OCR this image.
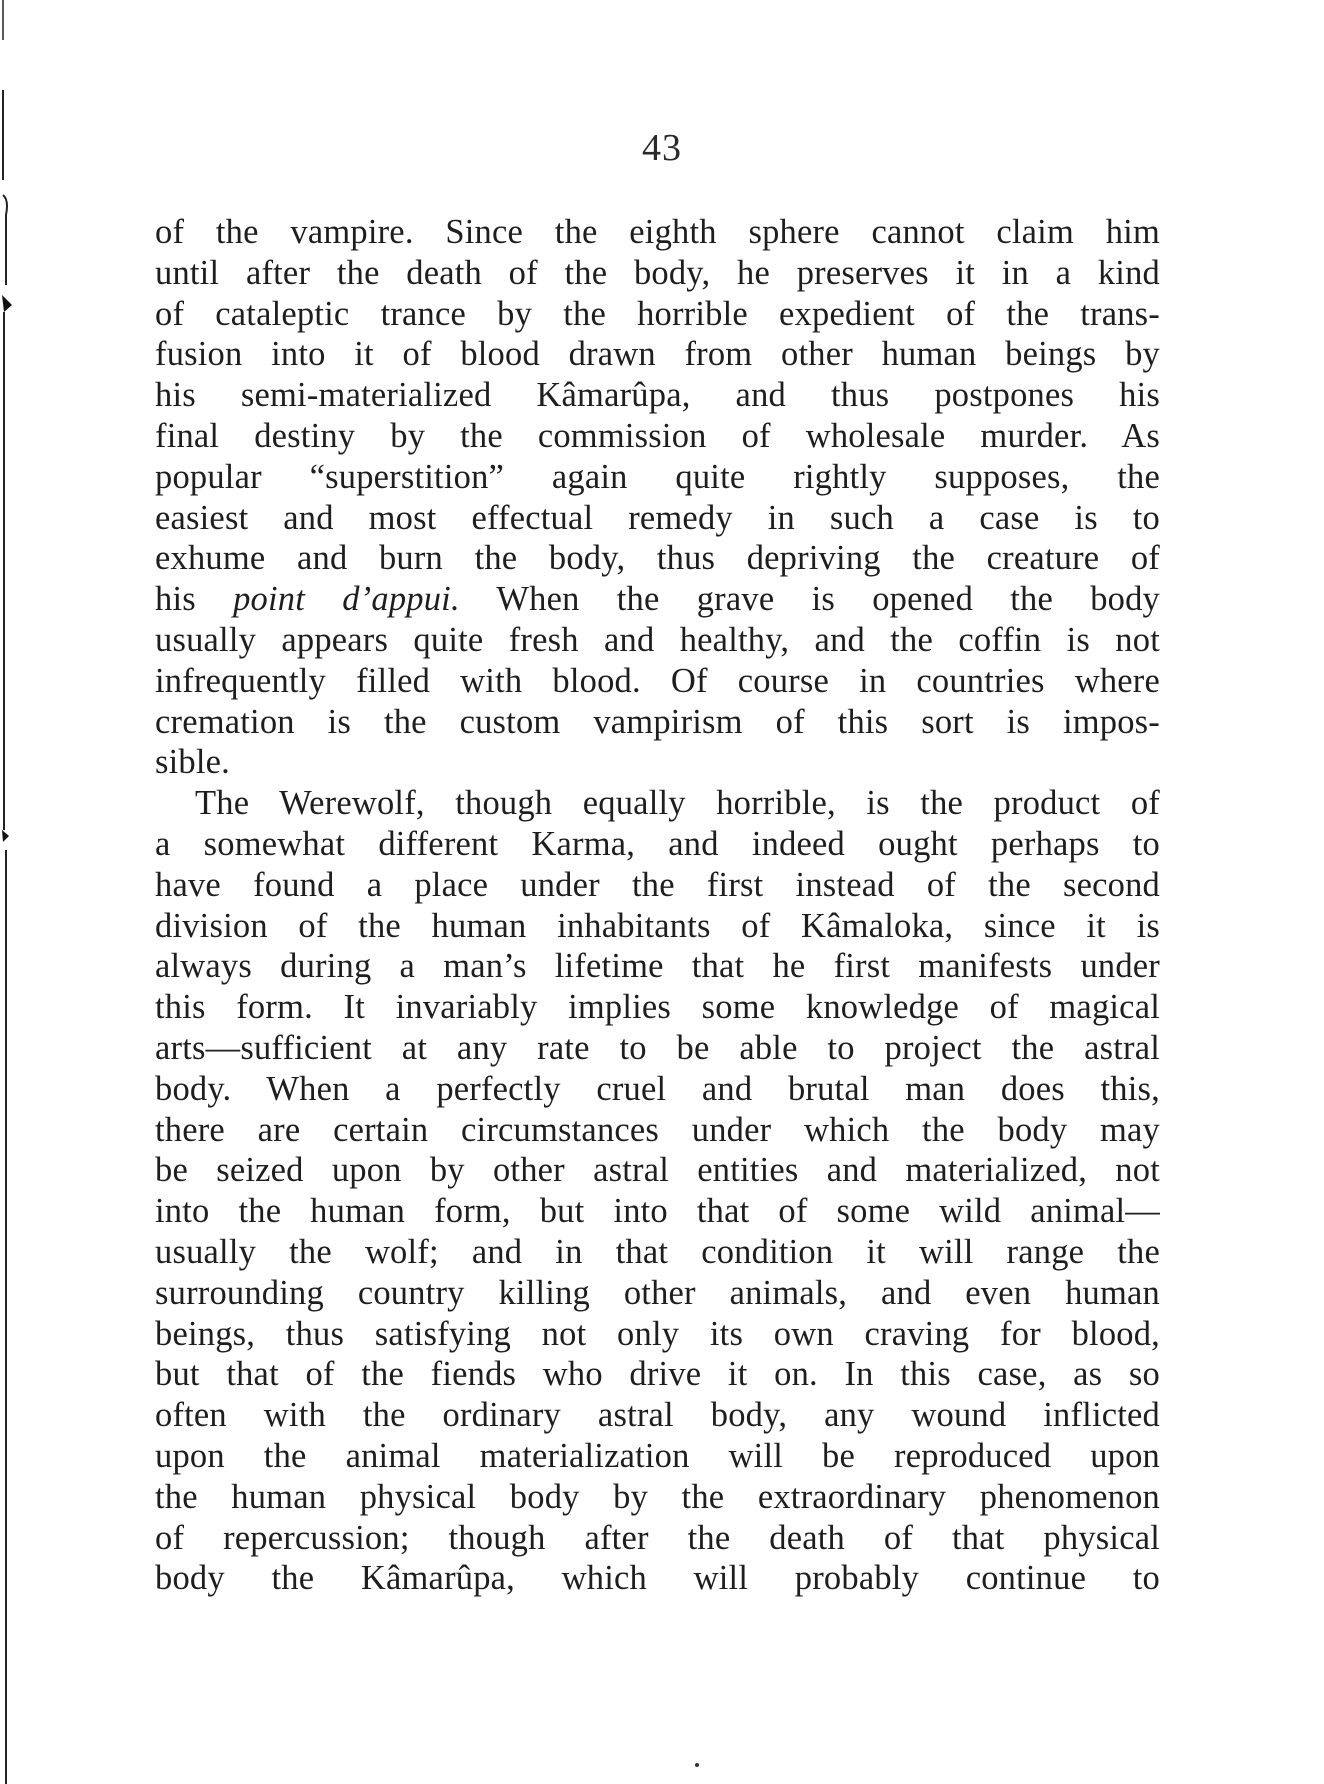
43
of the vampire. Since the eighth sphere cannot claim him
until after the death of the body, he preserves it in a kind
of cataleptic trance by the horrible expedient of the trans-
fusion into it of blood drawn from other human beings by
his semi-materialized Kâmarûpa, and thus postpones his
final destiny by the commission of wholesale murder. As
popular “superstition” again quite rightly supposes, the
easiest and most effectual remedy in such a case is to
exhume and burn the body, thus depriving the creature of
his point d’appui. When the grave is opened the body
usually appears quite fresh and healthy, and the coffin is not
infrequently filled with blood. Of course in countries where
cremation is the custom vampirism of this sort is impos-
sible.
The Werewolf, though equally horrible, is the product of
a somewhat different Karma, and indeed ought perhaps to
have found a place under the first instead of the second
division of the human inhabitants of Kâmaloka, since it is
always during a man’s lifetime that he first manifests under
this form. It invariably implies some knowledge of magical
arts—sufficient at any rate to be able to project the astral
body. When a perfectly cruel and brutal man does this,
there are certain circumstances under which the body may
be seized upon by other astral entities and materialized, not
into the human form, but into that of some wild animal—
usually the wolf; and in that condition it will range the
surrounding country killing other animals, and even human
beings, thus satisfying not only its own craving for blood,
but that of the fiends who drive it on. In this case, as so
often with the ordinary astral body, any wound inflicted
upon the animal materialization will be reproduced upon
the human physical body by the extraordinary phenomenon
of repercussion; though after the death of that physical
body the Kâmarûpa, which will probably continue to
